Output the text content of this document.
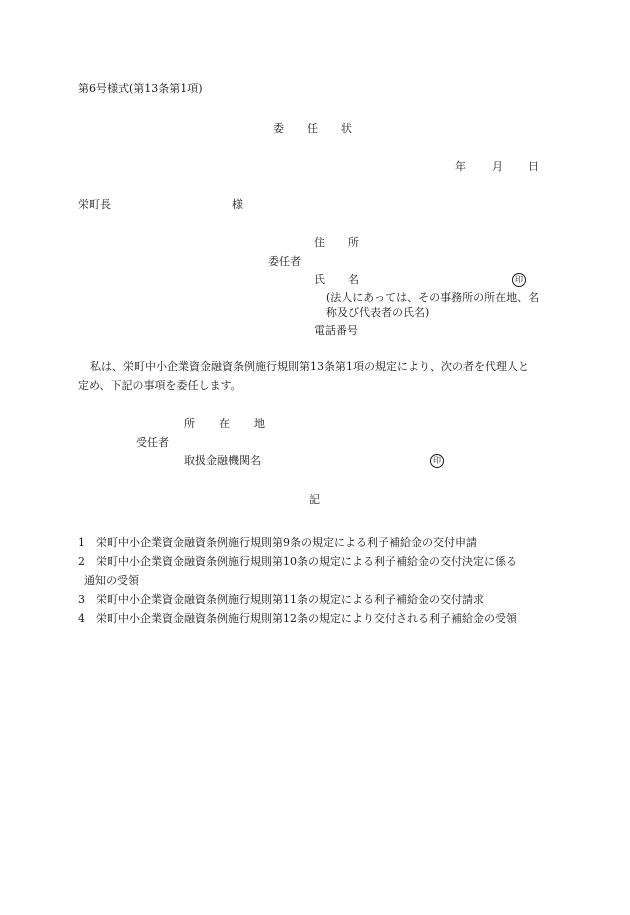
第6号様式(第13条第1項)
委 任 状
年 月 日
栄町長	様
住 所
委任者
氏 名	印
(法人にあっては、その事務所の所在地、名
称及び代表者の氏名)
電話番号
私は、栄町中小企業資金融資条例施行規則第13条第1項の規定により、次の者を代理人と
定め、下記の事項を委任します。
所 在 地
受任者
取扱金融機関名	印
記
1 栄町中小企業資金融資条例施行規則第9条の規定による利子補給金の交付申請
2 栄町中小企業資金融資条例施行規則第10条の規定による利子補給金の交付決定に係る
通知の受領
3 栄町中小企業資金融資条例施行規則第11条の規定による利子補給金の交付請求
4 栄町中小企業資金融資条例施行規則第12条の規定により交付される利子補給金の受領
